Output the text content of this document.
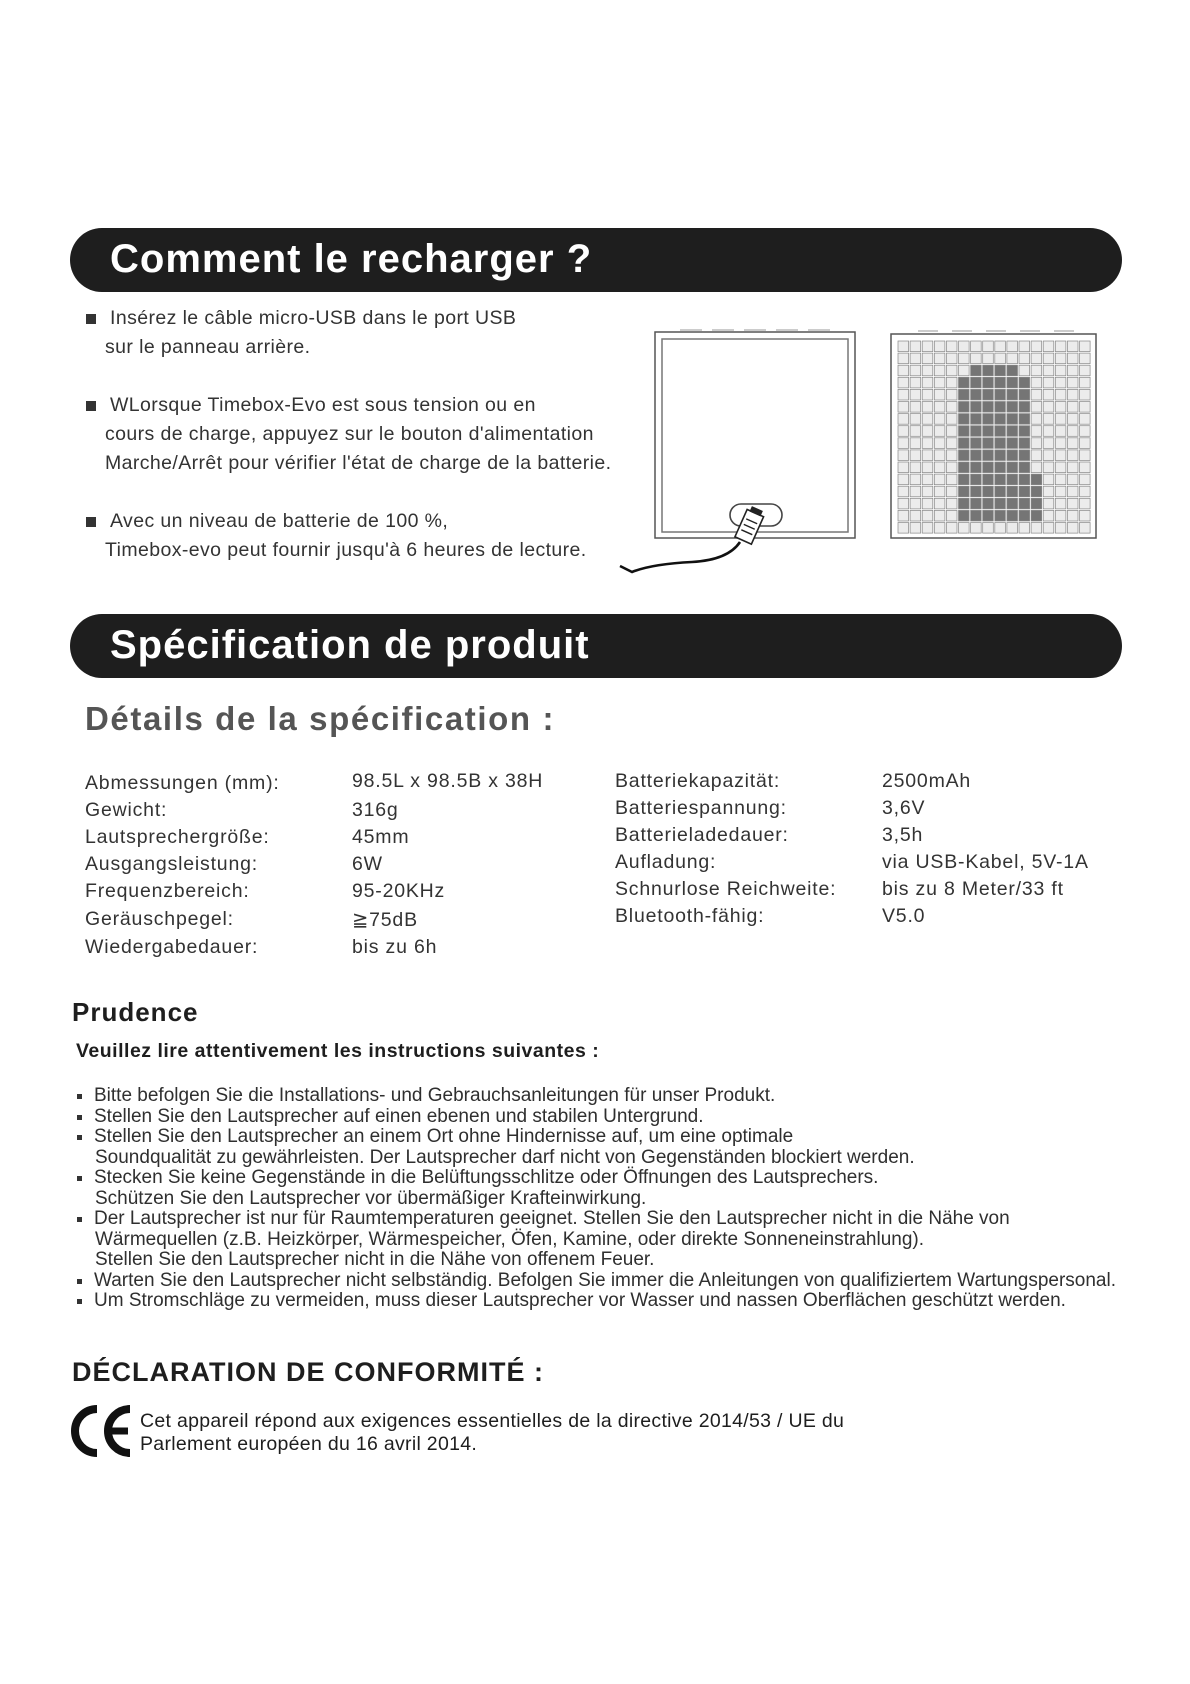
Comment le recharger ?
Insérez le câble micro-USB dans le port USB
sur le panneau arrière.
WLorsque Timebox-Evo est sous tension ou en
cours de charge, appuyez sur le bouton d'alimentation
Marche/Arrêt pour vérifier l'état de charge de la batterie.
Avec un niveau de batterie de 100 %,
Timebox-evo peut fournir jusqu'à 6 heures de lecture.
Spécification de produit
Détails de la spécification :
Abmessungen (mm):	98.5L x 98.5B x 38H
Gewicht:	316g
Lautsprechergröße:	45mm
Ausgangsleistung:	6W
Frequenzbereich:	95-20KHz
Geräuschpegel:	≧75dB
Wiedergabedauer:	bis zu 6h
Batteriekapazität:	2500mAh
Batteriespannung:	3,6V
Batterieladedauer:	3,5h
Aufladung:	via USB-Kabel, 5V-1A
Schnurlose Reichweite: bis zu 8 Meter/33 ft
Bluetooth-fähig:	V5.0
Prudence
Veuillez lire attentivement les instructions suivantes :
Bitte befolgen Sie die Installations- und Gebrauchsanleitungen für unser Produkt.
Stellen Sie den Lautsprecher auf einen ebenen und stabilen Untergrund.
Stellen Sie den Lautsprecher an einem Ort ohne Hindernisse auf, um eine optimale
Soundqualität zu gewährleisten. Der Lautsprecher darf nicht von Gegenständen blockiert werden.
Stecken Sie keine Gegenstände in die Belüftungsschlitze oder Öffnungen des Lautsprechers.
Schützen Sie den Lautsprecher vor übermäßiger Krafteinwirkung.
Der Lautsprecher ist nur für Raumtemperaturen geeignet. Stellen Sie den Lautsprecher nicht in die Nähe von
Wärmequellen (z.B. Heizkörper, Wärmespeicher, Öfen, Kamine, oder direkte Sonneneinstrahlung).
Stellen Sie den Lautsprecher nicht in die Nähe von offenem Feuer.
Warten Sie den Lautsprecher nicht selbständig. Befolgen Sie immer die Anleitungen von qualifiziertem Wartungspersonal.
Um Stromschläge zu vermeiden, muss dieser Lautsprecher vor Wasser und nassen Oberflächen geschützt werden.
DÉCLARATION DE CONFORMITÉ :
Cet appareil répond aux exigences essentielles de la directive 2014/53 / UE du
Parlement européen du 16 avril 2014.
